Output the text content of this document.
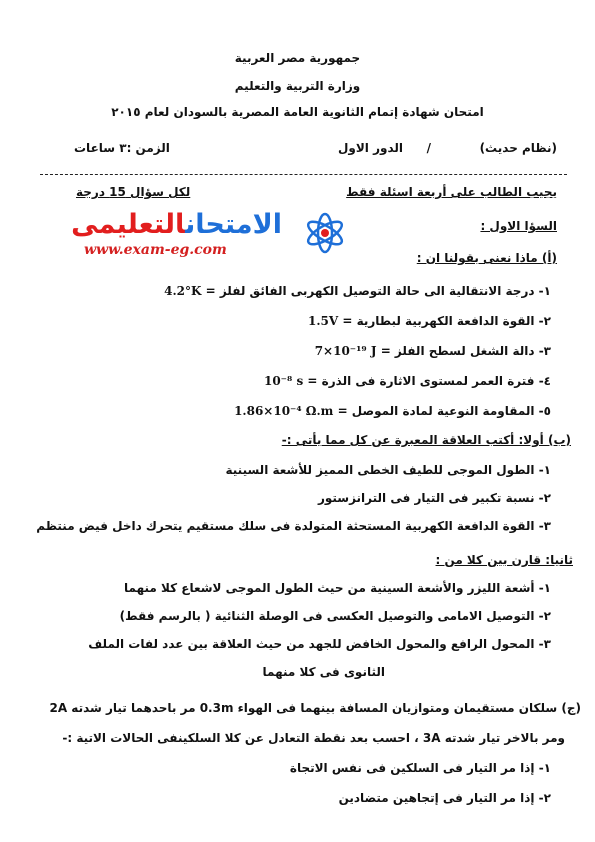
جمهورية مصر العربية
وزارة التربية والتعليم
امتحان شهادة إتمام الثانوية العامة المصرية بالسودان لعام ٢٠١٥
(نظام حديث)
/
الدور الاول
الزمن :٣ ساعات
يجيب الطالب على أربعة اسئلة فقط
لكل سؤال 15 درجة
الامتحانالتعليمى
www.exam-eg.com
السؤا الاول :
(أ) ماذا نعنى بقولنا ان :
١- درجة الانتقالية الى حالة التوصيل الكهربى الفائق لفلز = 4.2°K
٢- القوة الدافعة الكهربية لبطارية = 1.5V
٣- دالة الشغل لسطح الفلز = 7×10⁻¹⁹ J
٤- فترة العمر لمستوى الاثارة فى الذرة = 10⁻⁸ s
٥- المقاومة النوعية لمادة الموصل = 1.86×10⁻⁴ Ω.m
(ب) أولا: أكتب العلاقة المعبرة عن كل مما يأتى :-
١- الطول الموجى للطيف الخطى المميز للأشعة السينية
٢- نسبة تكبير فى التيار فى الترانزستور
٣- القوة الدافعة الكهربية المستحثة المتولدة فى سلك مستقيم يتحرك داخل فيض منتظم
ثانيا: قارن بين كلا من :
١- أشعة الليزر والأشعة السينية من حيث الطول الموجى لاشعاع كلا منهما
٢- التوصيل الامامى والتوصيل العكسى فى الوصلة الثنائية ( بالرسم فقط)
٣- المحول الرافع والمحول الخافض للجهد من حيث العلاقة بين عدد لفات الملف
الثانوى فى كلا منهما
(ج) سلكان مستقيمان ومتوازيان المسافة بينهما فى الهواء 0.3m مر باحدهما تيار شدته 2A
ومر بالاخر تيار شدته 3A ، احسب بعد نقطة التعادل عن كلا السلكينفى الحالات الاتية :-
١- إذا مر التيار فى السلكين فى نفس الاتجاة
٢- إذا مر التيار فى إتجاهين متضادين
